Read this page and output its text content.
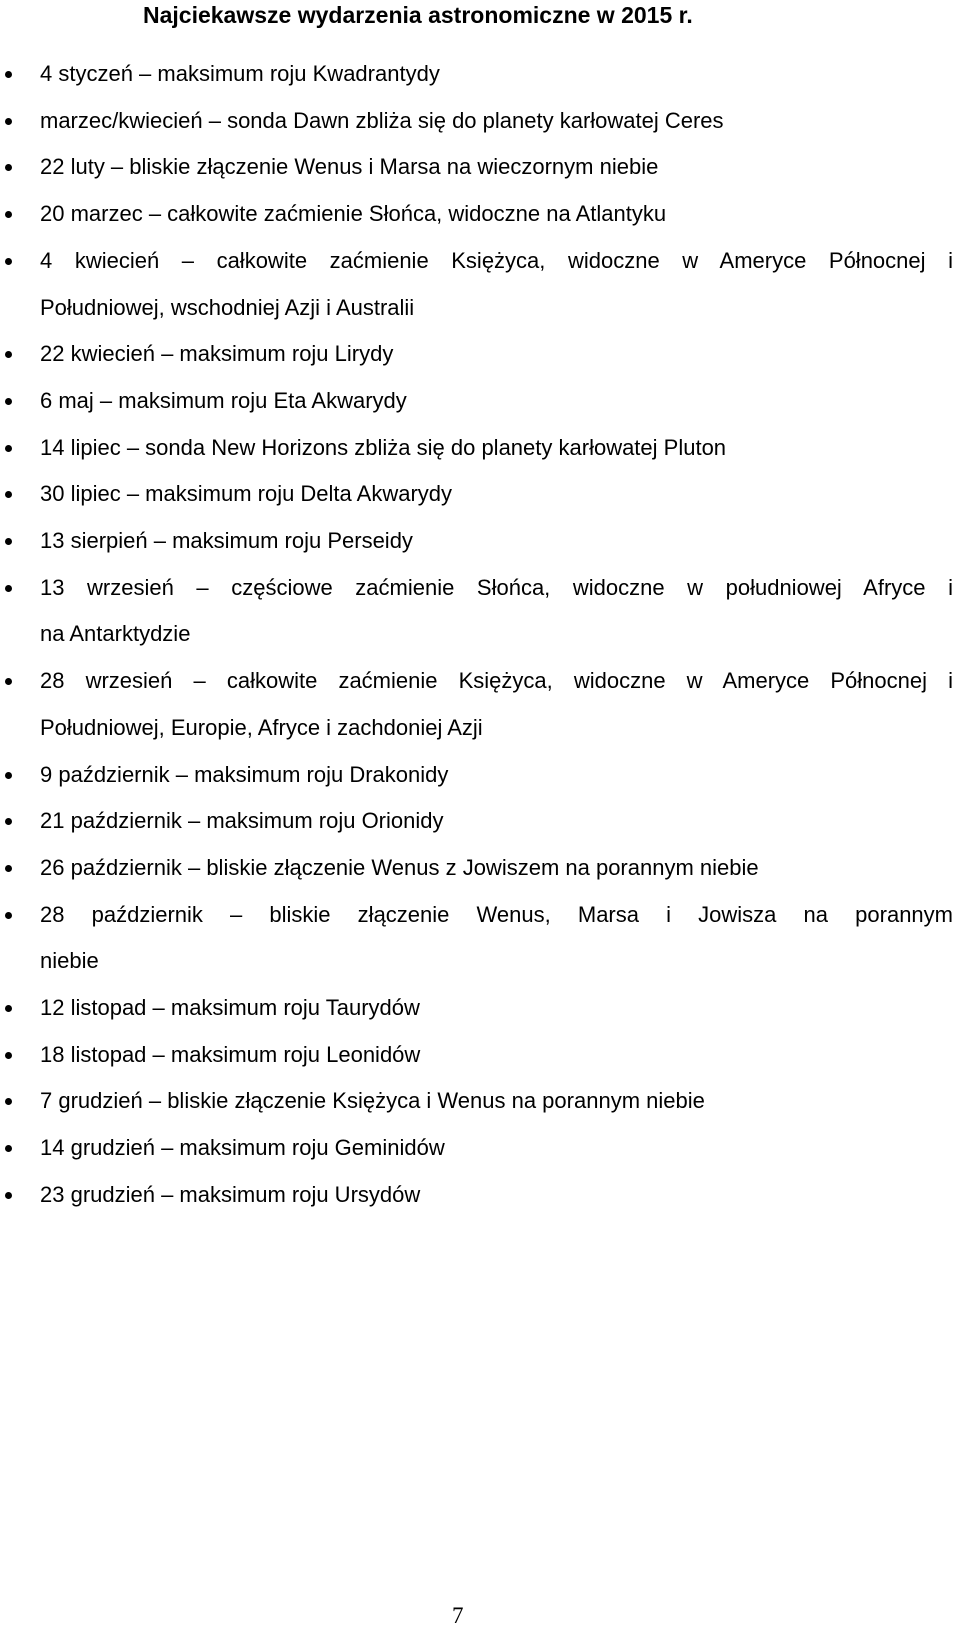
Najciekawsze wydarzenia astronomiczne w 2015 r.
4 styczeń – maksimum roju Kwadrantydy
marzec/kwiecień – sonda Dawn zbliża się do planety karłowatej Ceres
22 luty – bliskie złączenie Wenus i Marsa na wieczornym niebie
20 marzec – całkowite zaćmienie Słońca, widoczne na Atlantyku
4 kwiecień – całkowite zaćmienie Księżyca, widoczne w Ameryce Północnej i
Południowej, wschodniej Azji i Australii
22 kwiecień – maksimum roju Lirydy
6 maj – maksimum roju Eta Akwarydy
14 lipiec – sonda New Horizons zbliża się do planety karłowatej Pluton
30 lipiec – maksimum roju Delta Akwarydy
13 sierpień – maksimum roju Perseidy
13 wrzesień – częściowe zaćmienie Słońca, widoczne w południowej Afryce i
na Antarktydzie
28 wrzesień – całkowite zaćmienie Księżyca, widoczne w Ameryce Północnej i
Południowej, Europie, Afryce i zachdoniej Azji
9 październik – maksimum roju Drakonidy
21 październik – maksimum roju Orionidy
26 październik – bliskie złączenie Wenus z Jowiszem na porannym niebie
28 październik – bliskie złączenie Wenus, Marsa i Jowisza na porannym
niebie
12 listopad – maksimum roju Taurydów
18 listopad – maksimum roju Leonidów
7 grudzień – bliskie złączenie Księżyca i Wenus na porannym niebie
14 grudzień – maksimum roju Geminidów
23 grudzień – maksimum roju Ursydów
7
